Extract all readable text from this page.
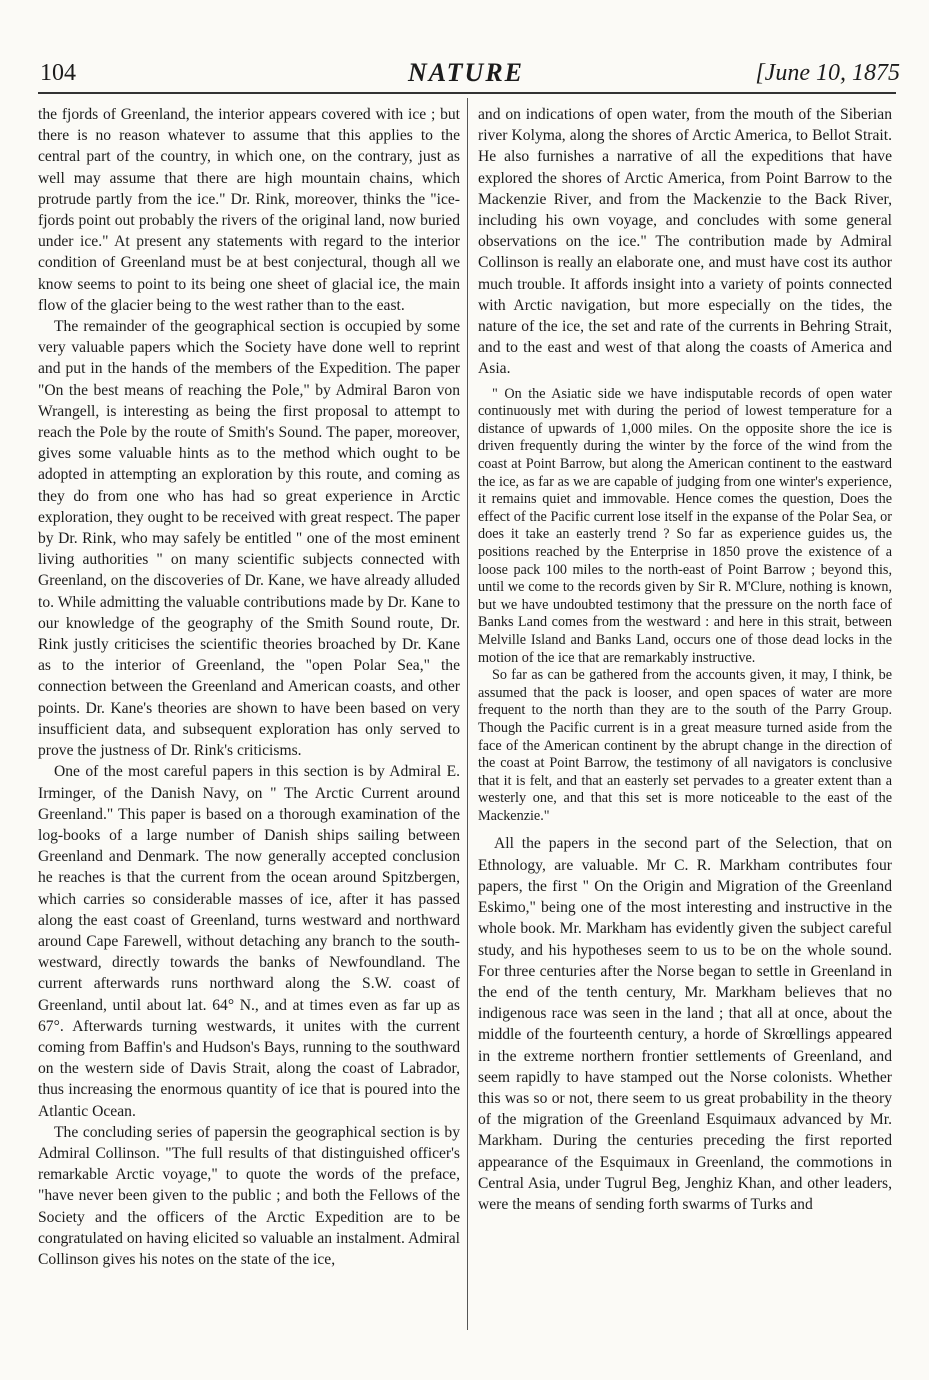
104	NATURE	[June 10, 1875

the fjords of Greenland, the interior appears covered with ice ; but there is no reason whatever to assume that this applies to the central part of the country, in which one, on the contrary, just as well may assume that there are high mountain chains, which protrude partly from the ice." Dr. Rink, moreover, thinks the "ice-fjords point out probably the rivers of the original land, now buried under ice." At present any statements with regard to the interior condition of Greenland must be at best conjectural, though all we know seems to point to its being one sheet of glacial ice, the main flow of the glacier being to the west rather than to the east.

The remainder of the geographical section is occupied by some very valuable papers which the Society have done well to reprint and put in the hands of the members of the Expedition. The paper "On the best means of reaching the Pole," by Admiral Baron von Wrangell, is interesting as being the first proposal to attempt to reach the Pole by the route of Smith's Sound. The paper, moreover, gives some valuable hints as to the method which ought to be adopted in attempting an exploration by this route, and coming as they do from one who has had so great experience in Arctic exploration, they ought to be received with great respect. The paper by Dr. Rink, who may safely be entitled " one of the most eminent living authorities " on many scientific subjects connected with Greenland, on the discoveries of Dr. Kane, we have already alluded to. While admitting the valuable contributions made by Dr. Kane to our knowledge of the geography of the Smith Sound route, Dr. Rink justly criticises the scientific theories broached by Dr. Kane as to the interior of Greenland, the "open Polar Sea," the connection between the Greenland and American coasts, and other points. Dr. Kane's theories are shown to have been based on very insufficient data, and subsequent exploration has only served to prove the justness of Dr. Rink's criticisms.

One of the most careful papers in this section is by Admiral E. Irminger, of the Danish Navy, on " The Arctic Current around Greenland." This paper is based on a thorough examination of the log-books of a large number of Danish ships sailing between Greenland and Denmark. The now generally accepted conclusion he reaches is that the current from the ocean around Spitzbergen, which carries so considerable masses of ice, after it has passed along the east coast of Greenland, turns westward and northward around Cape Farewell, without detaching any branch to the south-westward, directly towards the banks of Newfoundland. The current afterwards runs northward along the S.W. coast of Greenland, until about lat. 64° N., and at times even as far up as 67°. Afterwards turning westwards, it unites with the current coming from Baffin's and Hudson's Bays, running to the southward on the western side of Davis Strait, along the coast of Labrador, thus increasing the enormous quantity of ice that is poured into the Atlantic Ocean.

The concluding series of papersin the geographical section is by Admiral Collinson. "The full results of that distinguished officer's remarkable Arctic voyage," to quote the words of the preface, "have never been given to the public ; and both the Fellows of the Society and the officers of the Arctic Expedition are to be congratulated on having elicited so valuable an instalment. Admiral Collinson gives his notes on the state of the ice,

and on indications of open water, from the mouth of the Siberian river Kolyma, along the shores of Arctic America, to Bellot Strait. He also furnishes a narrative of all the expeditions that have explored the shores of Arctic America, from Point Barrow to the Mackenzie River, and from the Mackenzie to the Back River, including his own voyage, and concludes with some general observations on the ice." The contribution made by Admiral Collinson is really an elaborate one, and must have cost its author much trouble. It affords insight into a variety of points connected with Arctic navigation, but more especially on the tides, the nature of the ice, the set and rate of the currents in Behring Strait, and to the east and west of that along the coasts of America and Asia.

" On the Asiatic side we have indisputable records of open water continuously met with during the period of lowest temperature for a distance of upwards of 1,000 miles. On the opposite shore the ice is driven frequently during the winter by the force of the wind from the coast at Point Barrow, but along the American continent to the eastward the ice, as far as we are capable of judging from one winter's experience, it remains quiet and immovable. Hence comes the question, Does the effect of the Pacific current lose itself in the expanse of the Polar Sea, or does it take an easterly trend ? So far as experience guides us, the positions reached by the Enterprise in 1850 prove the existence of a loose pack 100 miles to the north-east of Point Barrow ; beyond this, until we come to the records given by Sir R. M'Clure, nothing is known, but we have undoubted testimony that the pressure on the north face of Banks Land comes from the westward : and here in this strait, between Melville Island and Banks Land, occurs one of those dead locks in the motion of the ice that are remarkably instructive.

So far as can be gathered from the accounts given, it may, I think, be assumed that the pack is looser, and open spaces of water are more frequent to the north than they are to the south of the Parry Group. Though the Pacific current is in a great measure turned aside from the face of the American continent by the abrupt change in the direction of the coast at Point Barrow, the testimony of all navigators is conclusive that it is felt, and that an easterly set pervades to a greater extent than a westerly one, and that this set is more noticeable to the east of the Mackenzie."

All the papers in the second part of the Selection, that on Ethnology, are valuable. Mr C. R. Markham contributes four papers, the first " On the Origin and Migration of the Greenland Eskimo," being one of the most interesting and instructive in the whole book. Mr. Markham has evidently given the subject careful study, and his hypotheses seem to us to be on the whole sound. For three centuries after the Norse began to settle in Greenland in the end of the tenth century, Mr. Markham believes that no indigenous race was seen in the land ; that all at once, about the middle of the fourteenth century, a horde of Skrœllings appeared in the extreme northern frontier settlements of Greenland, and seem rapidly to have stamped out the Norse colonists. Whether this was so or not, there seem to us great probability in the theory of the migration of the Greenland Esquimaux advanced by Mr. Markham. During the centuries preceding the first reported appearance of the Esquimaux in Greenland, the commotions in Central Asia, under Tugrul Beg, Jenghiz Khan, and other leaders, were the means of sending forth swarms of Turks and
